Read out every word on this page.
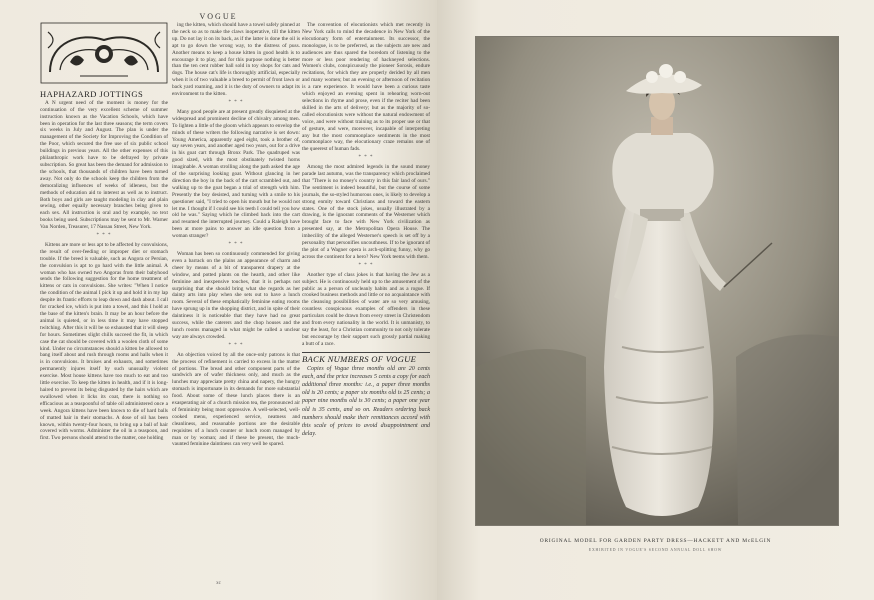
VOGUE

HAPHAZARD JOTTINGS

A N urgent need of the moment is money for the continuation of the very excellent scheme of summer instruction known as the Vacation Schools, which have been in operation for the last three seasons; the term covers six weeks in July and August. The plan is under the management of the Society for Improving the Condition of the Poor, which secured the free use of six public school buildings in previous years. All the other expenses of this philanthropic work have to be defrayed by private subscription. So great has been the demand for admission to the schools, that thousands of children have been turned away. Not only do the schools keep the children from the demoralizing influences of weeks of idleness, but the methods of education aid to interest as well as to instruct. Both boys and girls are taught modeling in clay and plain sewing, other equally necessary branches being given to each sex. All instruction is oral and by example, no text books being used. Subscriptions may be sent to Mr. Warner Van Norden, Treasurer, 17 Nassau Street, New York.

* * *

Kittens are more or less apt to be affected by convulsions, the result of over-feeding or improper diet or stomach trouble. If the breed is valuable, such as Angora or Persian, the convulsion is apt to go hard with the little animal. A woman who has owned two Angoras from their babyhood sends the following suggestion for the home treatment of kittens or cats in convulsions. She writes: "When I notice the condition of the animal I pick it up and hold it in my lap despite its frantic efforts to leap down and dash about. I call for cracked ice, which is put into a towel, and this I hold at the base of the kitten's brain. It may be an hour before the animal is quieted, or in less time it may have stopped twitching. After this it will be so exhausted that it will sleep for hours. Sometimes slight chills succeed the fit, in which case the cat should be covered with a woolen cloth of some kind. Under no circumstances should a kitten be allowed to bang itself about and rush through rooms and halls when it is in convulsions. It bruises and exhausts, and sometimes permanently injures itself by such unusually violent exercise. Most house kittens have too much to eat and too little exercise. To keep the kitten in health, and if it is long-haired to prevent its being disgusted by the hairs which are swallowed when it licks its coat, there is nothing so efficacious as a teaspoonful of table oil administered once a week. Angora kittens have been known to die of hard balls of matted hair in their stomachs. A dose of oil has been known, within twenty-four hours, to bring up a ball of hair covered with worms. Administer the oil in a teaspoon, and first. Two persons should attend to the matter, one holding

ing the kitten, which should have a towel safely pinned at the neck so as to make the claws inoperative, till the kitten up. Do not lay it on its back, as if the latter is done the oil is apt to go down the wrong way, to the distress of puss. Another means to keep a house kitten in good health is to encourage it to play, and for this purpose nothing is better than the ten cent rubber ball sold in toy shops for cats and dogs. The house cat's life is thoroughly artificial, especially when it is of two valuable a breed to permit of front lawn or back yard roaming, and it is the duty of owners to adapt its environment to the kitten.

* * *

Many good people are at present greatly disquieted at the widespread and prominent decline of chivalry among men. To lighten a little of the gloom which appears to envelop the minds of these writers the following narrative is set down: Young America, apparently aged eight, took a brother of, say seven years, and another aged two years, out for a drive in his goat cart through Bronx Park. The quadruped was good sized, with the most obstinately twisted horns imaginable. A woman strolling along the path asked the age of the surprising looking goat. Without glancing in her direction the boy in the back of the cart scrambled out, and walking up to the goat began a trial of strength with him. Presently the boy desisted, and turning with a smile to his questioner said, "I tried to open his mouth but he would not let me. I thought if I could see his teeth I could tell you how old he was." Saying which he climbed back into the cart and resumed the interrupted journey. Could a Raleigh have been at more pains to answer an idle question from a woman stranger?

* * *

Woman has been so continuously commended for giving even a barrack on the plains an appearance of charm and cheer by means of a bit of transparent drapery at the window, and potted plants on the hearth, and other like feminine and inexpensive touches, that it is perhaps not surprising that she should bring what she regards as her dainty arts into play when she sets out to have a lunch room. Several of these emphatically feminine eating rooms have sprung up in the shopping district, and in spite of their daintiness it is noticeable that they have had no great success, while the caterers and the chop houses and the lunch rooms managed in what might be called a unclear way are always crowded.

* * *

An objection voiced by all the once-only patrons is that the process of refinement is carried to excess in the matter of portions. The bread and other component parts of the sandwich are of wafer thickness only, and much as the lunches may appreciate pretty china and napery, the hungry stomach is importunate in its demands for more substantial food. About some of these lunch places there is an exasperating air of a church mission tea, the pronounced air of femininity being most oppressive. A well-selected, well-cooked menu, experienced service, neatness and cleanliness, and reasonable portions are the desirable requisites of a lunch counter or lunch room managed by man or by woman; and if these be present, the much-vaunted feminine daintiness can very well be spared.

The convention of elocutionists which met recently in New York calls to mind the decadence in New York of the elocutionary form of entertainment. Its successor, the monologue, is to be preferred, as the subjects are new and audiences are thus spared the boredom of listening to the more or less poor rendering of hackneyed selections. Women's clubs, conspicuously the pioneer Sorosis, endure recitations, for which they are properly derided by all men and many women; but an evening or afternoon of recitation is a rare experience. It would have been a curious taste which enjoyed an evening spent in rehearing worn-out selections in rhyme and prose, even if the reciter had been skilled in the arts of delivery; but as the majority of so-called elocutionists were without the natural endowment of voice, and were without training as to its proper use or that of gesture, and were, moreover, incapable of interpreting any but the most commonplace sentiments in the most commonplace way, the elocutionary craze remains one of the queerest of human fads.

* * *

Among the most admired legends in the sound money parade last autumn, was the transparency which proclaimed that "There is no money's country in this fair land of ours." The sentiment is indeed beautiful, but the course of some journals, the so-styled humorous ones, is likely to develop a strong enmity toward Christians and toward the eastern states. One of the stock jokes, usually illustrated by a drawing, is the ignorant comments of the Westerner which brought face to face with New York civilization as presented say, at the Metropolitan Opera House. The imbecility of the alleged Westerner's speech is set off by a personality that personifies uncouthness. If to be ignorant of the plot of a Wagner opera is arch-splitting funny, why go across the continent for a hero? New York teems with them.

* * *

Another type of class jokes is that having the Jew as a subject. He is continuously held up to the amusement of the public as a person of uncleanly habits and as a rogue. If crooked business methods and little or no acquaintance with the cleansing possibilities of water are so very amusing, countless conspicuous examples of offenders in these particulars could be drawn from every street in Christendom and from every nationality in the world. It is unmanisty, to say the least, for a Christian community to not only tolerate but encourage by their support such grossly partial making a butt of a race.

BACK NUMBERS OF VOGUE

Copies of Vogue three months old are 20 cents each, and the price increases 5 cents a copy for each additional three months: i.e., a paper three months old is 20 cents; a paper six months old is 25 cents; a paper nine months old is 30 cents; a paper one year old is 35 cents, and so on. Readers ordering back numbers should make their remittances accord with this scale of prices to avoid disappointment and delay.

xc
ORIGINAL MODEL FOR GARDEN PARTY DRESS—HACKETT AND McELGIN
EXHIBITED IN VOGUE'S SECOND ANNUAL DOLL SHOW
